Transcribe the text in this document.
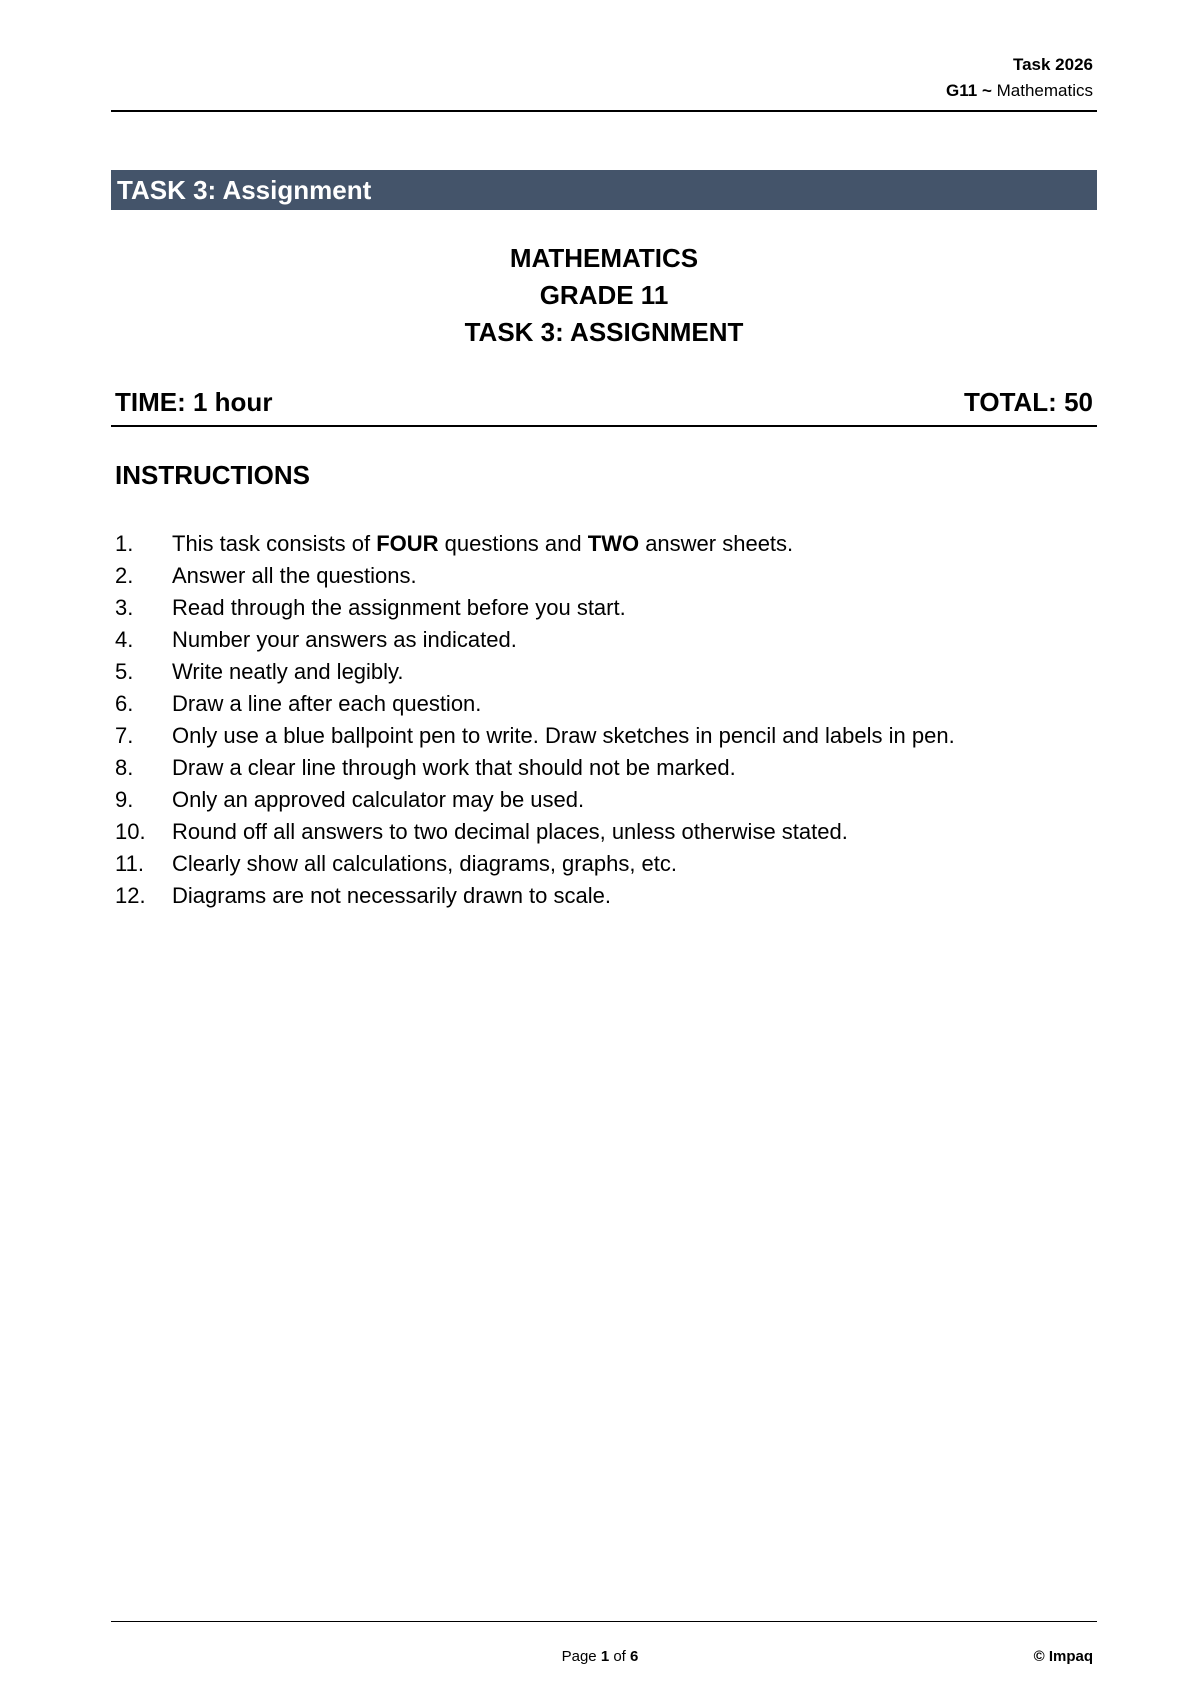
Task 2026
G11 ~ Mathematics
TASK 3: Assignment
MATHEMATICS
GRADE 11
TASK 3: ASSIGNMENT
TIME: 1 hour	TOTAL: 50
INSTRUCTIONS
1.	This task consists of FOUR questions and TWO answer sheets.
2.	Answer all the questions.
3.	Read through the assignment before you start.
4.	Number your answers as indicated.
5.	Write neatly and legibly.
6.	Draw a line after each question.
7.	Only use a blue ballpoint pen to write. Draw sketches in pencil and labels in pen.
8.	Draw a clear line through work that should not be marked.
9.	Only an approved calculator may be used.
10.	Round off all answers to two decimal places, unless otherwise stated.
11.	Clearly show all calculations, diagrams, graphs, etc.
12.	Diagrams are not necessarily drawn to scale.
Page 1 of 6	© Impaq
